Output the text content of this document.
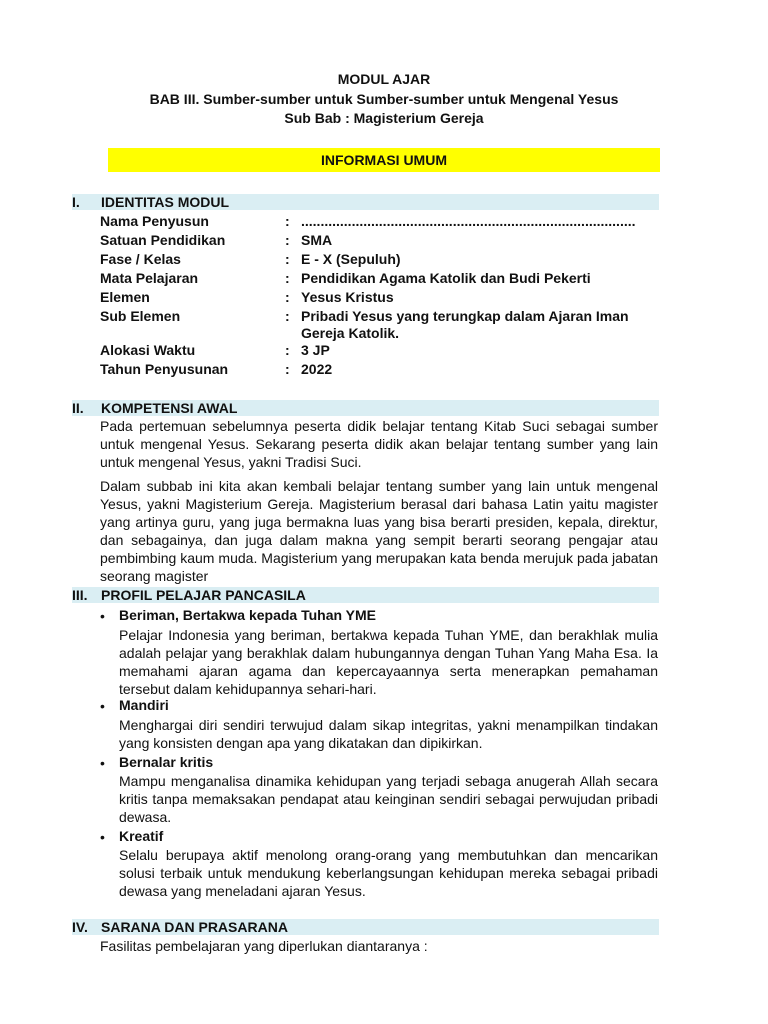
MODUL AJAR
BAB III. Sumber-sumber untuk Sumber-sumber untuk Mengenal Yesus
Sub Bab : Magisterium Gereja
INFORMASI UMUM
I. IDENTITAS MODUL
Nama Penyusun	: ......................................................................................
Satuan Pendidikan	: SMA
Fase / Kelas	: E - X (Sepuluh)
Mata Pelajaran	: Pendidikan Agama Katolik dan Budi Pekerti
Elemen	: Yesus Kristus
Sub Elemen	: Pribadi Yesus yang terungkap dalam Ajaran Iman Gereja Katolik.
Alokasi Waktu	: 3 JP
Tahun Penyusunan	: 2022
II. KOMPETENSI AWAL

Pada pertemuan sebelumnya peserta didik belajar tentang Kitab Suci sebagai sumber untuk mengenal Yesus. Sekarang peserta didik akan belajar tentang sumber yang lain untuk mengenal Yesus, yakni Tradisi Suci.

Dalam subbab ini kita akan kembali belajar tentang sumber yang lain untuk mengenal Yesus, yakni Magisterium Gereja. Magisterium berasal dari bahasa Latin yaitu magister yang artinya guru, yang juga bermakna luas yang bisa berarti presiden, kepala, direktur, dan sebagainya, dan juga dalam makna yang sempit berarti seorang pengajar atau pembimbing kaum muda. Magisterium yang merupakan kata benda merujuk pada jabatan seorang magister

III. PROFIL PELAJAR PANCASILA
• Beriman, Bertakwa kepada Tuhan YME

Pelajar Indonesia yang beriman, bertakwa kepada Tuhan YME, dan berakhlak mulia adalah pelajar yang berakhlak dalam hubungannya dengan Tuhan Yang Maha Esa. Ia memahami ajaran agama dan kepercayaannya serta menerapkan pemahaman tersebut dalam kehidupannya sehari-hari.

• Mandiri

Menghargai diri sendiri terwujud dalam sikap integritas, yakni menampilkan tindakan yang konsisten dengan apa yang dikatakan dan dipikirkan.

• Bernalar kritis

Mampu menganalisa dinamika kehidupan yang terjadi sebaga anugerah Allah secara kritis tanpa memaksakan pendapat atau keinginan sendiri sebagai perwujudan pribadi dewasa.

• Kreatif

Selalu berupaya aktif menolong orang-orang yang membutuhkan dan mencarikan solusi terbaik untuk mendukung keberlangsungan kehidupan mereka sebagai pribadi dewasa yang meneladani ajaran Yesus.

IV. SARANA DAN PRASARANA

Fasilitas pembelajaran yang diperlukan diantaranya :
